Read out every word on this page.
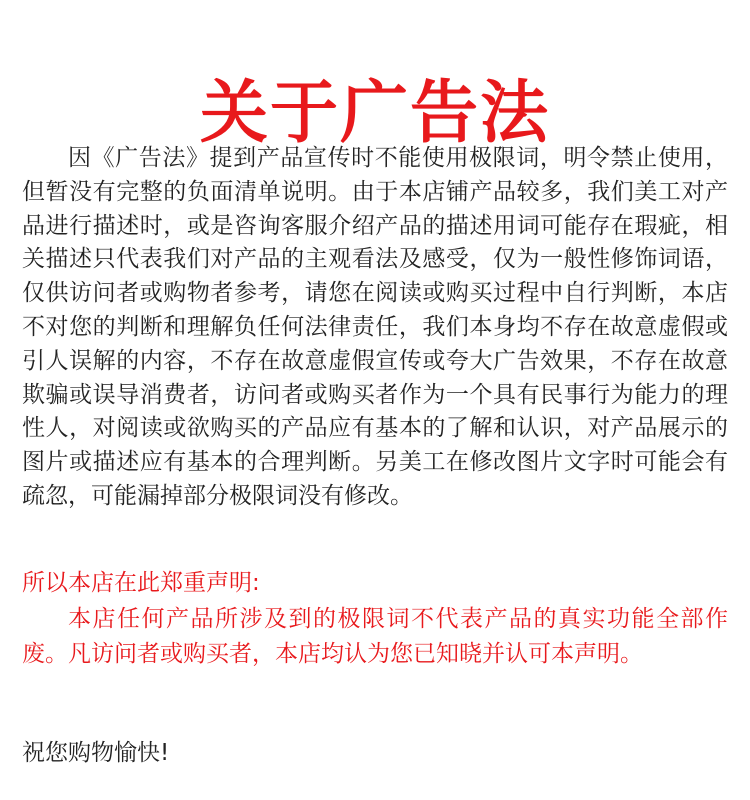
关于广告法

因《广告法》提到产品宣传时不能使用极限词，明令禁止使用，但暂没有完整的负面清单说明。由于本店铺产品较多，我们美工对产品进行描述时，或是咨询客服介绍产品的描述用词可能存在瑕疵，相关描述只代表我们对产品的主观看法及感受，仅为一般性修饰词语，仅供访问者或购物者参考，请您在阅读或购买过程中自行判断，本店不对您的判断和理解负任何法律责任，我们本身均不存在故意虚假或引人误解的内容，不存在故意虚假宣传或夸大广告效果，不存在故意欺骗或误导消费者，访问者或购买者作为一个具有民事行为能力的理性人，对阅读或欲购买的产品应有基本的了解和认识，对产品展示的图片或描述应有基本的合理判断。另美工在修改图片文字时可能会有疏忽，可能漏掉部分极限词没有修改。

所以本店在此郑重声明:

本店任何产品所涉及到的极限词不代表产品的真实功能全部作废。凡访问者或购买者，本店均认为您已知晓并认可本声明。

祝您购物愉快!
